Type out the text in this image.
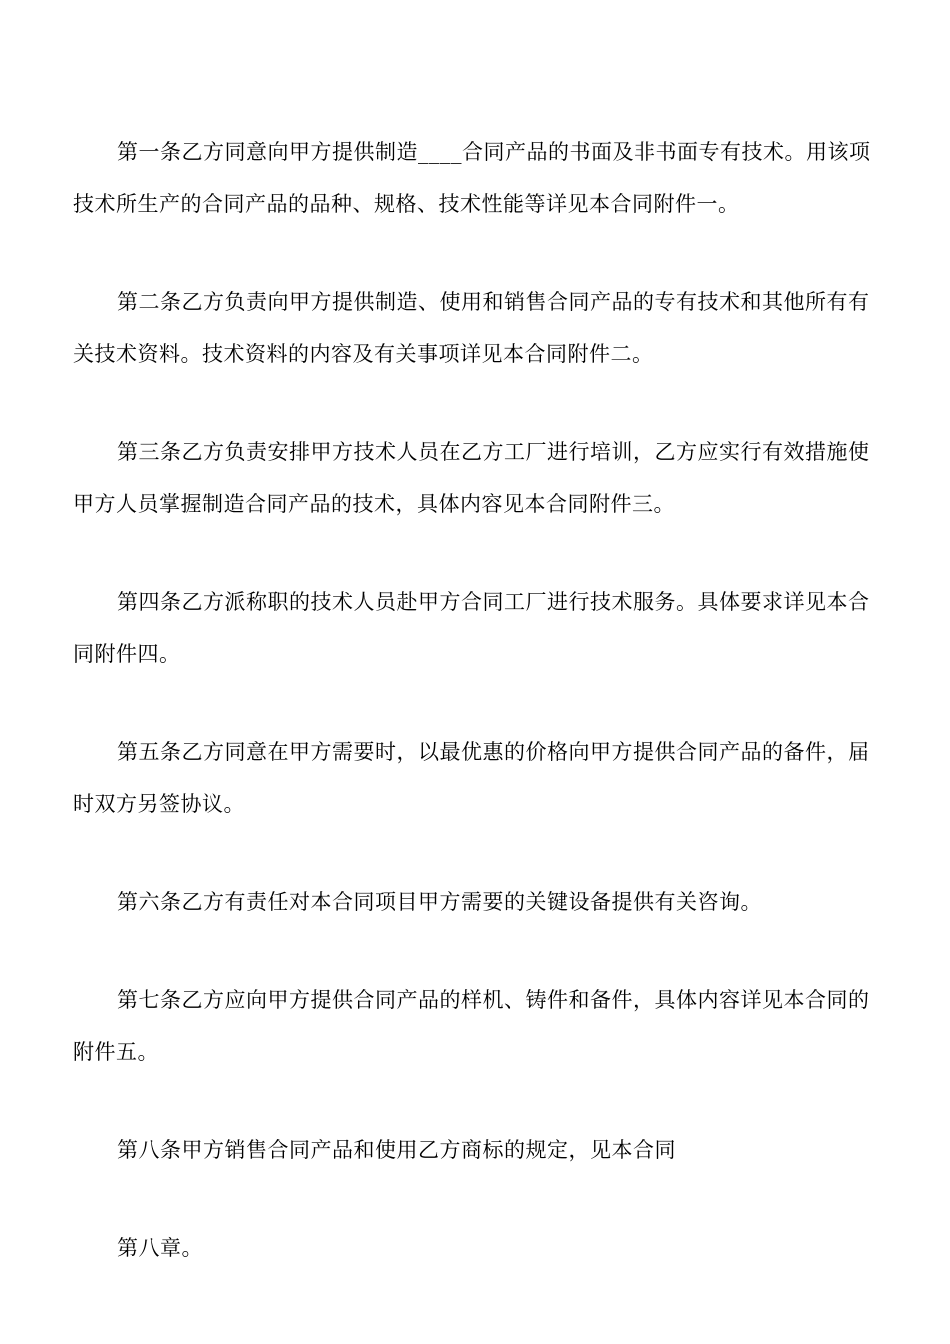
第一条乙方同意向甲方提供制造____合同产品的书面及非书面专有技术。用该项技术所生产的合同产品的品种、规格、技术性能等详见本合同附件一。

第二条乙方负责向甲方提供制造、使用和销售合同产品的专有技术和其他所有有关技术资料。技术资料的内容及有关事项详见本合同附件二。

第三条乙方负责安排甲方技术人员在乙方工厂进行培训，乙方应实行有效措施使甲方人员掌握制造合同产品的技术，具体内容见本合同附件三。

第四条乙方派称职的技术人员赴甲方合同工厂进行技术服务。具体要求详见本合同附件四。

第五条乙方同意在甲方需要时，以最优惠的价格向甲方提供合同产品的备件，届时双方另签协议。

第六条乙方有责任对本合同项目甲方需要的关键设备提供有关咨询。

第七条乙方应向甲方提供合同产品的样机、铸件和备件，具体内容详见本合同的附件五。

第八条甲方销售合同产品和使用乙方商标的规定，见本合同

第八章。
